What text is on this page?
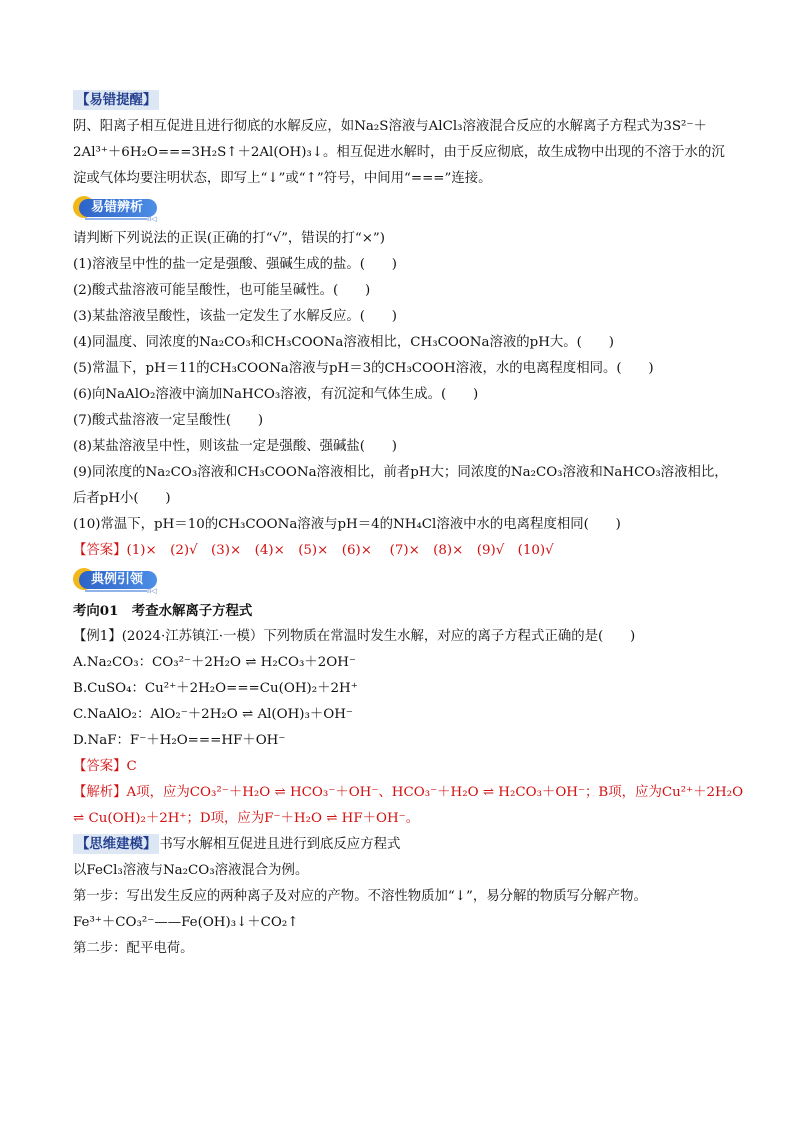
【易错提醒】
阴、阳离子相互促进且进行彻底的水解反应，如Na₂S溶液与AlCl₃溶液混合反应的水解离子方程式为3S²⁻＋
2Al³⁺＋6H₂O===3H₂S↑＋2Al(OH)₃↓。相互促进水解时，由于反应彻底，故生成物中出现的不溶于水的沉
淀或气体均要注明状态，即写上“↓”或“↑”符号，中间用“===”连接。
易错辨析
II◁
请判断下列说法的正误(正确的打“√”，错误的打“×”)
(1)溶液呈中性的盐一定是强酸、强碱生成的盐。(　　)
(2)酸式盐溶液可能呈酸性，也可能呈碱性。(　　)
(3)某盐溶液呈酸性，该盐一定发生了水解反应。(　　)
(4)同温度、同浓度的Na₂CO₃和CH₃COONa溶液相比，CH₃COONa溶液的pH大。(　　)
(5)常温下，pH＝11的CH₃COONa溶液与pH＝3的CH₃COOH溶液，水的电离程度相同。(　　)
(6)向NaAlO₂溶液中滴加NaHCO₃溶液，有沉淀和气体生成。(　　)
(7)酸式盐溶液一定呈酸性(　　)
(8)某盐溶液呈中性，则该盐一定是强酸、强碱盐(　　)
(9)同浓度的Na₂CO₃溶液和CH₃COONa溶液相比，前者pH大；同浓度的Na₂CO₃溶液和NaHCO₃溶液相比，
后者pH小(　　)
(10)常温下，pH＝10的CH₃COONa溶液与pH＝4的NH₄Cl溶液中水的电离程度相同(　　)
【答案】(1)×　(2)√　(3)×　(4)×　(5)×　(6)×　 (7)×　(8)×　(9)√　(10)√
典例引领
II◁
考向01　考查水解离子方程式
【例1】(2024·江苏镇江·一模）下列物质在常温时发生水解，对应的离子方程式正确的是(　　)
A.Na₂CO₃：CO₃²⁻＋2H₂O ⇌ H₂CO₃＋2OH⁻
B.CuSO₄：Cu²⁺＋2H₂O===Cu(OH)₂＋2H⁺
C.NaAlO₂：AlO₂⁻＋2H₂O ⇌ Al(OH)₃＋OH⁻
D.NaF：F⁻＋H₂O===HF＋OH⁻
【答案】C
【解析】A项，应为CO₃²⁻＋H₂O ⇌ HCO₃⁻＋OH⁻、HCO₃⁻＋H₂O ⇌ H₂CO₃＋OH⁻；B项，应为Cu²⁺＋2H₂O
⇌ Cu(OH)₂＋2H⁺；D项，应为F⁻＋H₂O ⇌ HF＋OH⁻。
【思维建模】 书写水解相互促进且进行到底反应方程式
以FeCl₃溶液与Na₂CO₃溶液混合为例。
第一步：写出发生反应的两种离子及对应的产物。不溶性物质加“↓”，易分解的物质写分解产物。
Fe³⁺＋CO₃²⁻——Fe(OH)₃↓＋CO₂↑
第二步：配平电荷。
